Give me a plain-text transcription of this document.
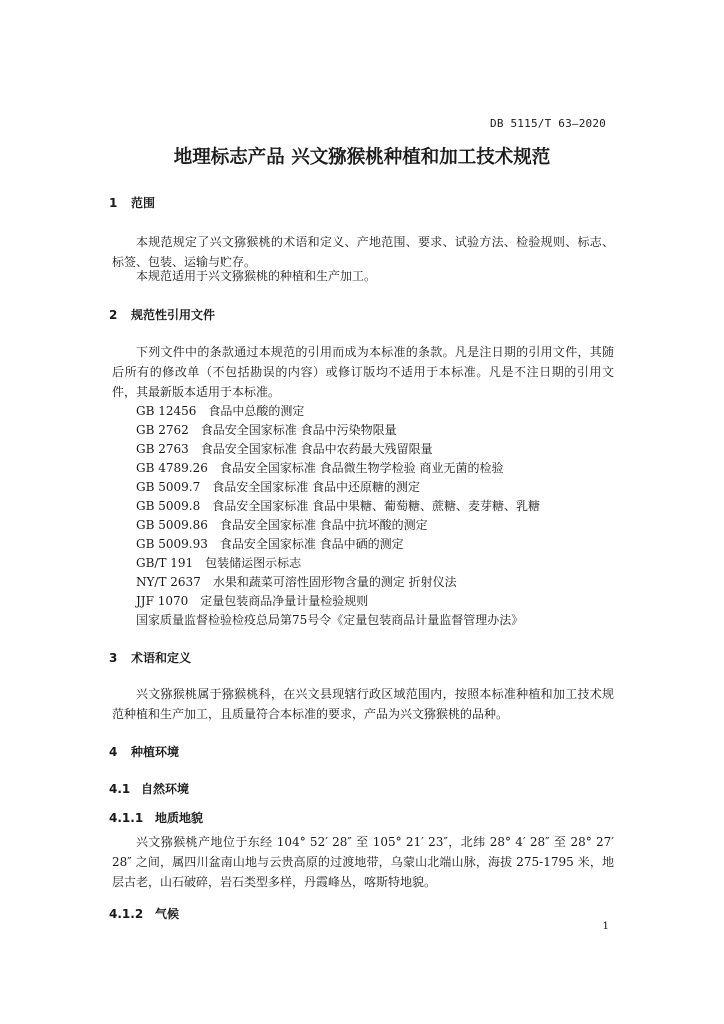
DB 5115/T 63—2020
地理标志产品 兴文猕猴桃种植和加工技术规范
1 范围
本规范规定了兴文猕猴桃的术语和定义、产地范围、要求、试验方法、检验规则、标志、标签、包装、运输与贮存。
本规范适用于兴文猕猴桃的种植和生产加工。
2 规范性引用文件
下列文件中的条款通过本规范的引用而成为本标准的条款。凡是注日期的引用文件，其随后所有的修改单（不包括勘误的内容）或修订版均不适用于本标准。凡是不注日期的引用文件，其最新版本适用于本标准。
GB 12456　食品中总酸的测定
GB 2762　食品安全国家标准 食品中污染物限量
GB 2763　食品安全国家标准 食品中农药最大残留限量
GB 4789.26　食品安全国家标准 食品微生物学检验 商业无菌的检验
GB 5009.7　食品安全国家标准 食品中还原糖的测定
GB 5009.8　食品安全国家标准 食品中果糖、葡萄糖、蔗糖、麦芽糖、乳糖
GB 5009.86　食品安全国家标准 食品中抗坏酸的测定
GB 5009.93　食品安全国家标准 食品中硒的测定
GB/T 191　包装储运图示标志
NY/T 2637　水果和蔬菜可溶性固形物含量的测定 折射仪法
JJF 1070　定量包装商品净量计量检验规则
国家质量监督检验检疫总局第75号令《定量包装商品计量监督管理办法》
3 术语和定义
兴文猕猴桃属于猕猴桃科，在兴文县现辖行政区域范围内，按照本标准种植和加工技术规范种植和生产加工，且质量符合本标准的要求，产品为兴文猕猴桃的品种。
4 种植环境
4.1 自然环境
4.1.1 地质地貌
兴文猕猴桃产地位于东经 104° 52′ 28″ 至 105° 21′ 23″，北纬 28° 4′ 28″ 至 28° 27′ 28″ 之间，属四川盆南山地与云贵高原的过渡地带，乌蒙山北端山脉，海拔 275-1795 米，地层古老，山石破碎，岩石类型多样，丹霞峰丛，喀斯特地貌。
4.1.2 气候
1
